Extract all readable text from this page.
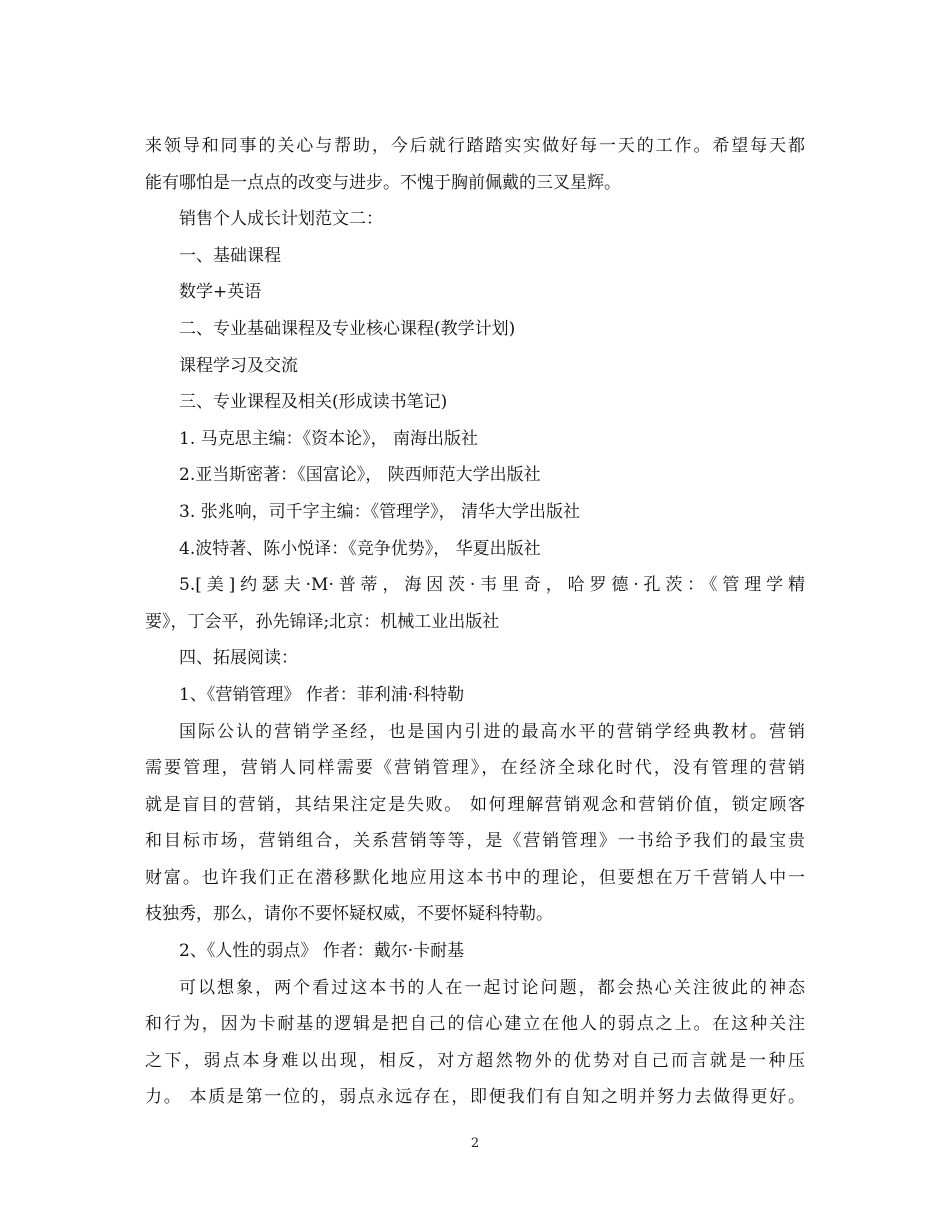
来领导和同事的关心与帮助，今后就行踏踏实实做好每一天的工作。希望每天都
能有哪怕是一点点的改变与进步。不愧于胸前佩戴的三叉星辉。
销售个人成长计划范文二：
一、基础课程
数学+英语
二、专业基础课程及专业核心课程(教学计划)
课程学习及交流
三、专业课程及相关(形成读书笔记)
1. 马克思主编：《资本论》， 南海出版社
2.亚当斯密著：《国富论》， 陕西师范大学出版社
3. 张兆响，司千字主编：《管理学》， 清华大学出版社
4.波特著、陈小悦译：《竞争优势》， 华夏出版社
5.[美]约瑟夫·M·普蒂，海因茨·韦里奇，哈罗德·孔茨：《管理学精
要》，丁会平，孙先锦译;北京：机械工业出版社
四、拓展阅读：
1、《营销管理》 作者：菲利浦·科特勒
国际公认的营销学圣经，也是国内引进的最高水平的营销学经典教材。营销
需要管理，营销人同样需要《营销管理》，在经济全球化时代，没有管理的营销
就是盲目的营销，其结果注定是失败。 如何理解营销观念和营销价值，锁定顾客
和目标市场，营销组合，关系营销等等，是《营销管理》一书给予我们的最宝贵
财富。也许我们正在潜移默化地应用这本书中的理论，但要想在万千营销人中一
枝独秀，那么，请你不要怀疑权威，不要怀疑科特勒。
2、《人性的弱点》 作者：戴尔·卡耐基
可以想象，两个看过这本书的人在一起讨论问题，都会热心关注彼此的神态
和行为，因为卡耐基的逻辑是把自己的信心建立在他人的弱点之上。在这种关注
之下，弱点本身难以出现，相反，对方超然物外的优势对自己而言就是一种压
力。 本质是第一位的，弱点永远存在，即便我们有自知之明并努力去做得更好。
2
